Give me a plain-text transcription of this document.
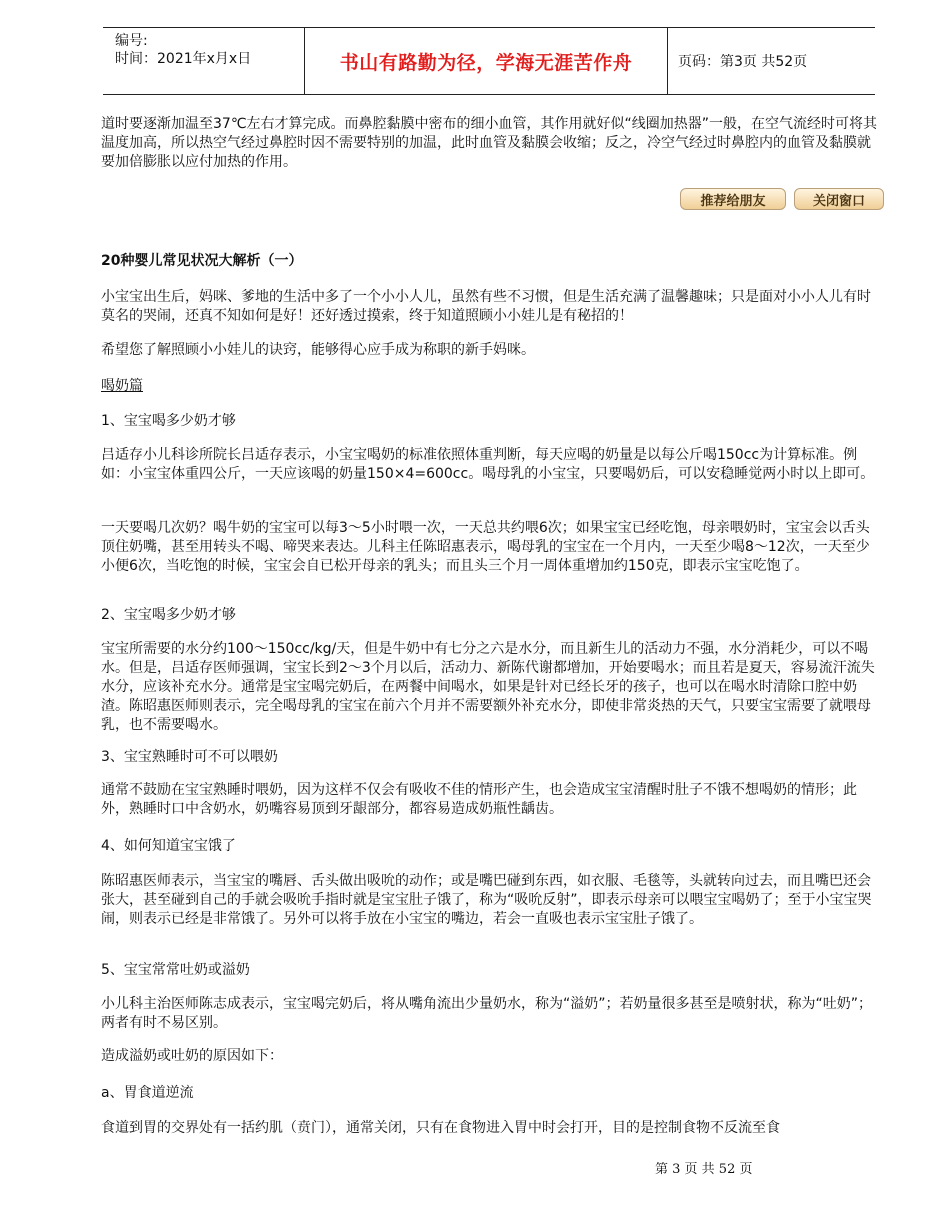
编号:
时间：2021年x月x日	书山有路勤为径，学海无涯苦作舟	页码：第3页 共52页

道时要逐渐加温至37℃左右才算完成。而鼻腔黏膜中密布的细小血管，其作用就好似“线圈加热器”一般，在空气流经时可将其温度加高，所以热空气经过鼻腔时因不需要特别的加温，此时血管及黏膜会收缩；反之，冷空气经过时鼻腔内的血管及黏膜就要加倍膨胀以应付加热的作用。

推荐给朋友	关闭窗口
20种婴儿常见状况大解析（一）

小宝宝出生后，妈咪、爹地的生活中多了一个小小人儿，虽然有些不习惯，但是生活充满了温馨趣味；只是面对小小人儿有时莫名的哭闹，还真不知如何是好！还好透过摸索，终于知道照顾小小娃儿是有秘招的！

希望您了解照顾小小娃儿的诀窍，能够得心应手成为称职的新手妈咪。

喝奶篇
1、宝宝喝多少奶才够

吕适存小儿科诊所院长吕适存表示，小宝宝喝奶的标准依照体重判断，每天应喝的奶量是以每公斤喝150cc为计算标准。例如：小宝宝体重四公斤，一天应该喝的奶量150×4=600cc。喝母乳的小宝宝，只要喝奶后，可以安稳睡觉两小时以上即可。

一天要喝几次奶？喝牛奶的宝宝可以每3～5小时喂一次，一天总共约喂6次；如果宝宝已经吃饱，母亲喂奶时，宝宝会以舌头顶住奶嘴，甚至用转头不喝、啼哭来表达。儿科主任陈昭惠表示，喝母乳的宝宝在一个月内，一天至少喝8～12次，一天至少小便6次，当吃饱的时候，宝宝会自已松开母亲的乳头；而且头三个月一周体重增加约150克，即表示宝宝吃饱了。

2、宝宝喝多少奶才够

宝宝所需要的水分约100～150cc/kg/天，但是牛奶中有七分之六是水分，而且新生儿的活动力不强，水分消耗少，可以不喝水。但是，吕适存医师强调，宝宝长到2～3个月以后，活动力、新陈代谢都增加，开始要喝水；而且若是夏天，容易流汗流失水分，应该补充水分。通常是宝宝喝完奶后，在两餐中间喝水，如果是针对已经长牙的孩子，也可以在喝水时清除口腔中奶渣。陈昭惠医师则表示，完全喝母乳的宝宝在前六个月并不需要额外补充水分，即使非常炎热的天气，只要宝宝需要了就喂母乳，也不需要喝水。

3、宝宝熟睡时可不可以喂奶

通常不鼓励在宝宝熟睡时喂奶，因为这样不仅会有吸收不佳的情形产生，也会造成宝宝清醒时肚子不饿不想喝奶的情形；此外，熟睡时口中含奶水，奶嘴容易顶到牙龈部分，都容易造成奶瓶性龋齿。

4、如何知道宝宝饿了

陈昭惠医师表示，当宝宝的嘴唇、舌头做出吸吮的动作；或是嘴巴碰到东西，如衣服、毛毯等，头就转向过去，而且嘴巴还会张大，甚至碰到自己的手就会吸吮手指时就是宝宝肚子饿了，称为“吸吮反射”，即表示母亲可以喂宝宝喝奶了；至于小宝宝哭闹，则表示已经是非常饿了。另外可以将手放在小宝宝的嘴边，若会一直吸也表示宝宝肚子饿了。

5、宝宝常常吐奶或溢奶

小儿科主治医师陈志成表示，宝宝喝完奶后，将从嘴角流出少量奶水，称为“溢奶”；若奶量很多甚至是喷射状，称为“吐奶”；两者有时不易区别。

造成溢奶或吐奶的原因如下：
a、胃食道逆流

食道到胃的交界处有一括约肌（贲门），通常关闭，只有在食物进入胃中时会打开，目的是控制食物不反流至食

第 3 页 共 52 页
